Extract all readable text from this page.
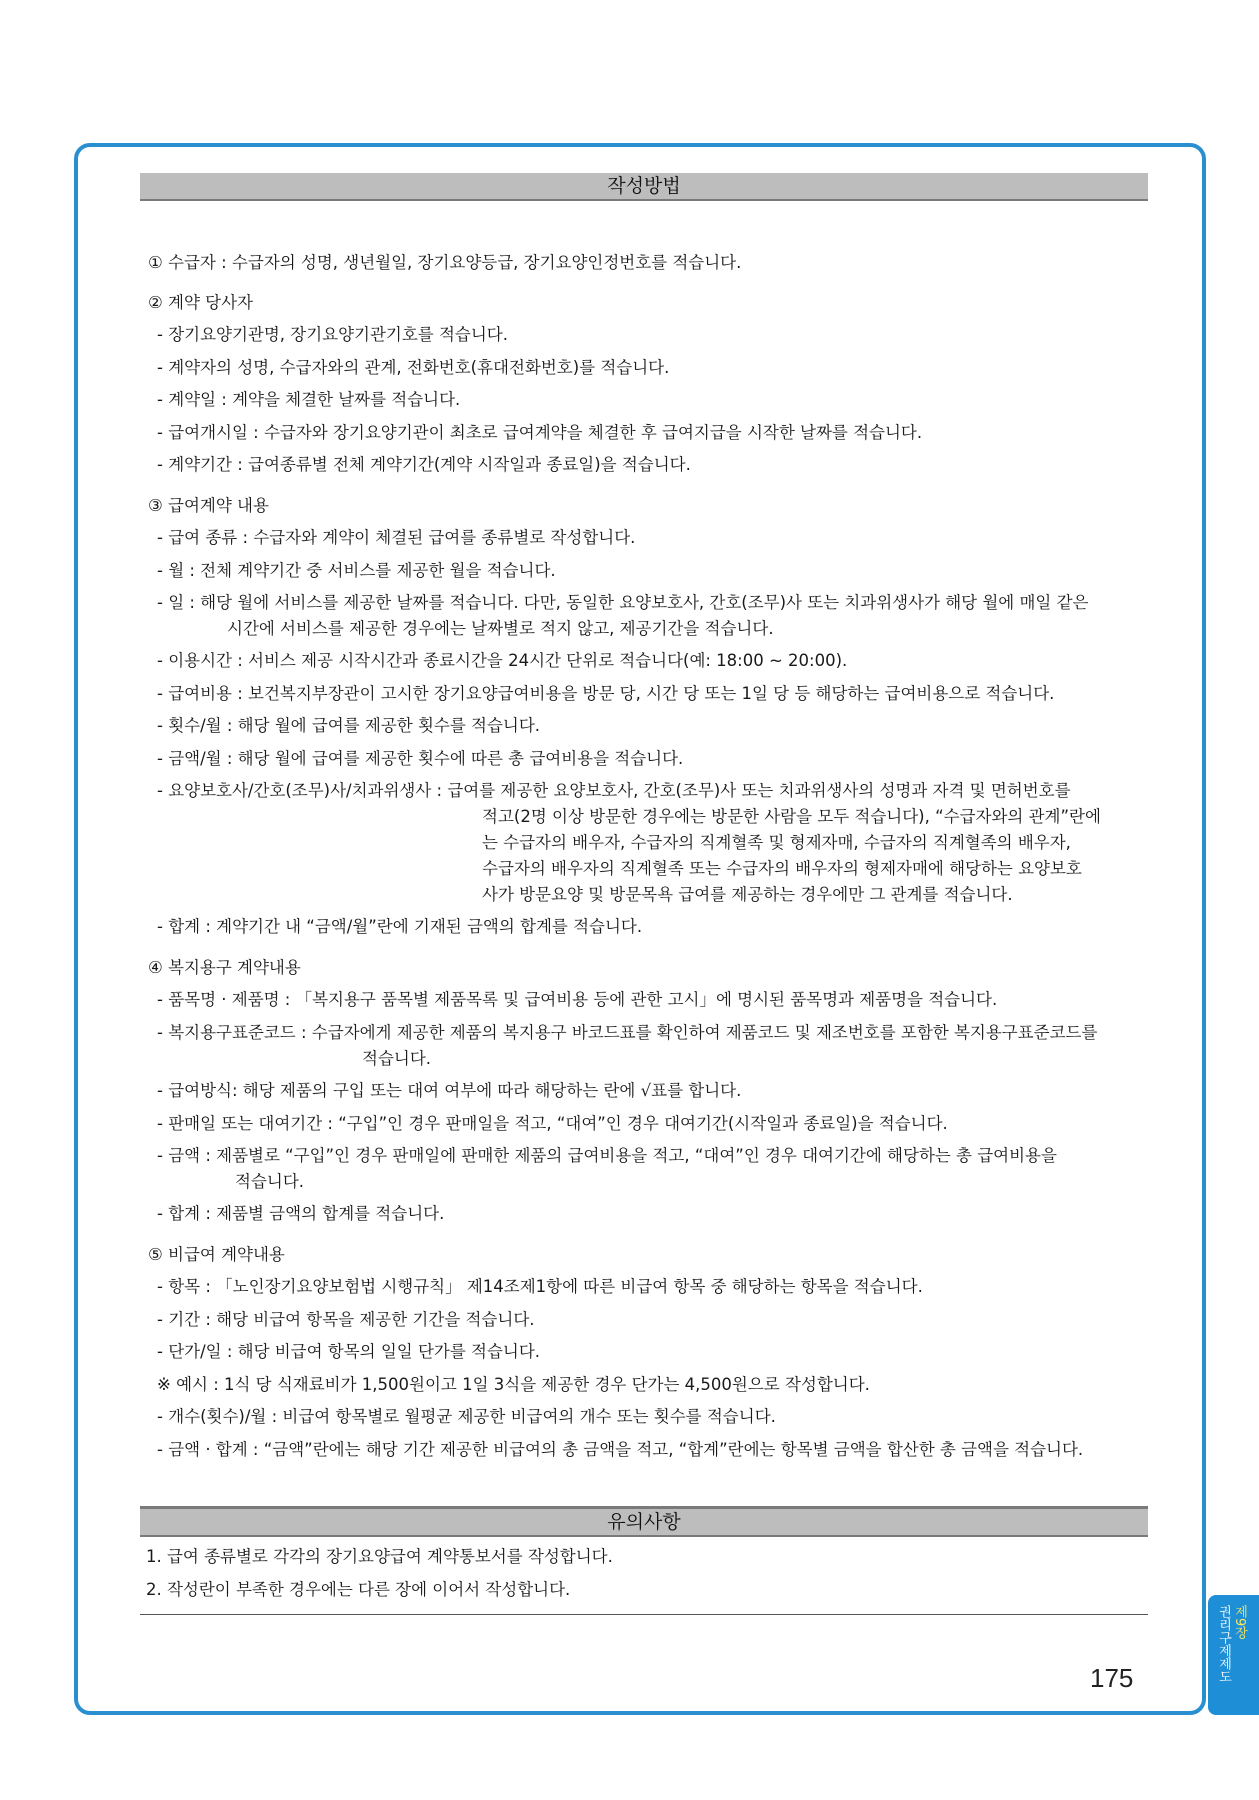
작성방법
① 수급자 : 수급자의 성명, 생년월일, 장기요양등급, 장기요양인정번호를 적습니다.
② 계약 당사자
- 장기요양기관명, 장기요양기관기호를 적습니다.
- 계약자의 성명, 수급자와의 관계, 전화번호(휴대전화번호)를 적습니다.
- 계약일 : 계약을 체결한 날짜를 적습니다.
- 급여개시일 : 수급자와 장기요양기관이 최초로 급여계약을 체결한 후 급여지급을 시작한 날짜를 적습니다.
- 계약기간 : 급여종류별 전체 계약기간(계약 시작일과 종료일)을 적습니다.
③ 급여계약 내용
- 급여 종류 : 수급자와 계약이 체결된 급여를 종류별로 작성합니다.
- 월 : 전체 계약기간 중 서비스를 제공한 월을 적습니다.
- 일 : 해당 월에 서비스를 제공한 날짜를 적습니다. 다만, 동일한 요양보호사, 간호(조무)사 또는 치과위생사가 해당 월에 매일 같은
시간에 서비스를 제공한 경우에는 날짜별로 적지 않고, 제공기간을 적습니다.
- 이용시간 : 서비스 제공 시작시간과 종료시간을 24시간 단위로 적습니다(예: 18:00 ~ 20:00).
- 급여비용 : 보건복지부장관이 고시한 장기요양급여비용을 방문 당, 시간 당 또는 1일 당 등 해당하는 급여비용으로 적습니다.
- 횟수/월 : 해당 월에 급여를 제공한 횟수를 적습니다.
- 금액/월 : 해당 월에 급여를 제공한 횟수에 따른 총 급여비용을 적습니다.
- 요양보호사/간호(조무)사/치과위생사 : 급여를 제공한 요양보호사, 간호(조무)사 또는 치과위생사의 성명과 자격 및 면허번호를
적고(2명 이상 방문한 경우에는 방문한 사람을 모두 적습니다), “수급자와의 관계”란에
는 수급자의 배우자, 수급자의 직계혈족 및 형제자매, 수급자의 직계혈족의 배우자,
수급자의 배우자의 직계혈족 또는 수급자의 배우자의 형제자매에 해당하는 요양보호
사가 방문요양 및 방문목욕 급여를 제공하는 경우에만 그 관계를 적습니다.
- 합계 : 계약기간 내 “금액/월”란에 기재된 금액의 합계를 적습니다.
④ 복지용구 계약내용
- 품목명 · 제품명 : 「복지용구 품목별 제품목록 및 급여비용 등에 관한 고시」에 명시된 품목명과 제품명을 적습니다.
- 복지용구표준코드 : 수급자에게 제공한 제품의 복지용구 바코드표를 확인하여 제품코드 및 제조번호를 포함한 복지용구표준코드를
적습니다.
- 급여방식: 해당 제품의 구입 또는 대여 여부에 따라 해당하는 란에 √표를 합니다.
- 판매일 또는 대여기간 : “구입”인 경우 판매일을 적고, “대여”인 경우 대여기간(시작일과 종료일)을 적습니다.
- 금액 : 제품별로 “구입”인 경우 판매일에 판매한 제품의 급여비용을 적고, “대여”인 경우 대여기간에 해당하는 총 급여비용을
적습니다.
- 합계 : 제품별 금액의 합계를 적습니다.
⑤ 비급여 계약내용
- 항목 : 「노인장기요양보험법 시행규칙」 제14조제1항에 따른 비급여 항목 중 해당하는 항목을 적습니다.
- 기간 : 해당 비급여 항목을 제공한 기간을 적습니다.
- 단가/일 : 해당 비급여 항목의 일일 단가를 적습니다.
※ 예시 : 1식 당 식재료비가 1,500원이고 1일 3식을 제공한 경우 단가는 4,500원으로 작성합니다.
- 개수(횟수)/월 : 비급여 항목별로 월평균 제공한 비급여의 개수 또는 횟수를 적습니다.
- 금액 · 합계 : “금액”란에는 해당 기간 제공한 비급여의 총 금액을 적고, “합계”란에는 항목별 금액을 합산한 총 금액을 적습니다.
유의사항
1. 급여 종류별로 각각의 장기요양급여 계약통보서를 작성합니다.
2. 작성란이 부족한 경우에는 다른 장에 이어서 작성합니다.
175
제9장
권리구제제도
